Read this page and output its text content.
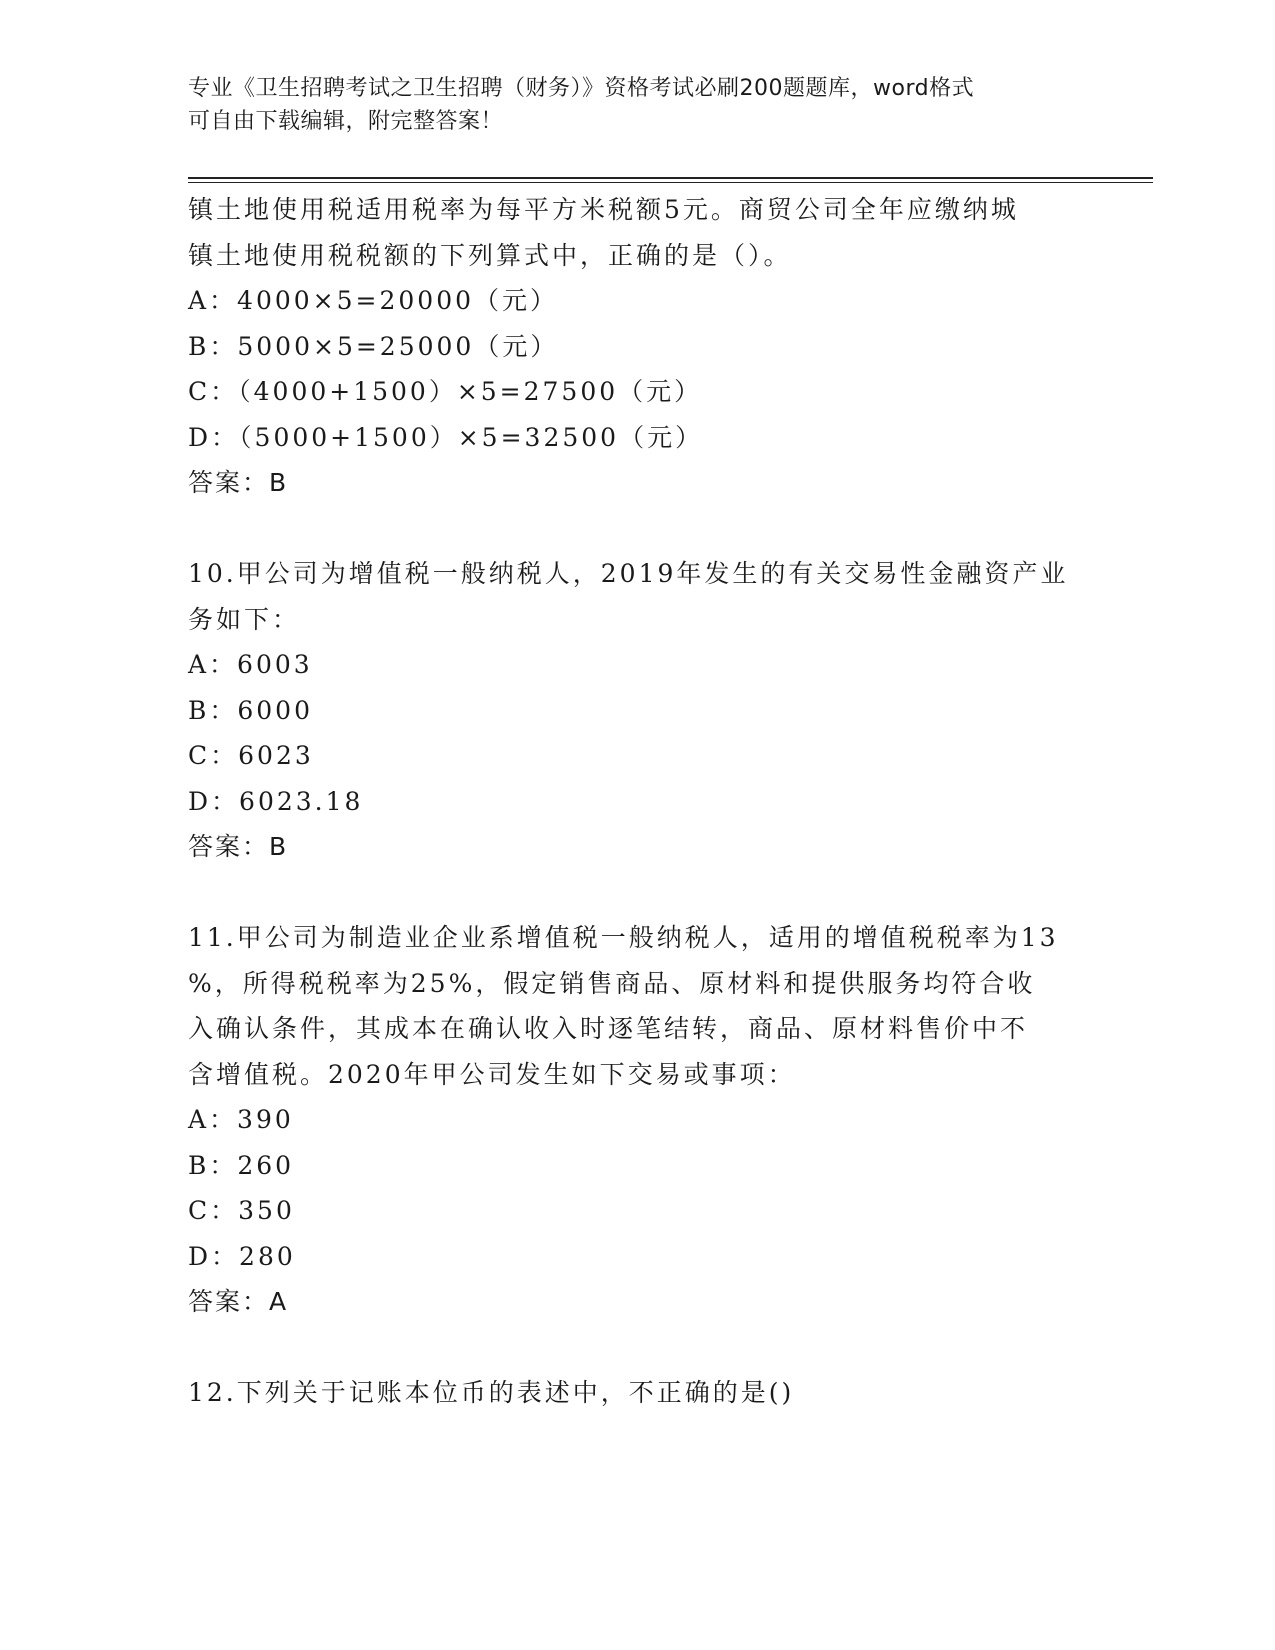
专业《卫生招聘考试之卫生招聘（财务）》资格考试必刷200题题库，word格式
可自由下载编辑，附完整答案！
镇土地使用税适用税率为每平方米税额5元。商贸公司全年应缴纳城
镇土地使用税税额的下列算式中，正确的是（）。
A：4000×5=20000（元）
B：5000×5=25000（元）
C：（4000+1500）×5=27500（元）
D：（5000+1500）×5=32500（元）
答案：B
10.甲公司为增值税一般纳税人，2019年发生的有关交易性金融资产业
务如下：
A：6003
B：6000
C：6023
D：6023.18
答案：B
11.甲公司为制造业企业系增值税一般纳税人，适用的增值税税率为13
%，所得税税率为25%，假定销售商品、原材料和提供服务均符合收
入确认条件，其成本在确认收入时逐笔结转，商品、原材料售价中不
含增值税。2020年甲公司发生如下交易或事项：
A：390
B：260
C：350
D：280
答案：A
12.下列关于记账本位币的表述中，不正确的是()
